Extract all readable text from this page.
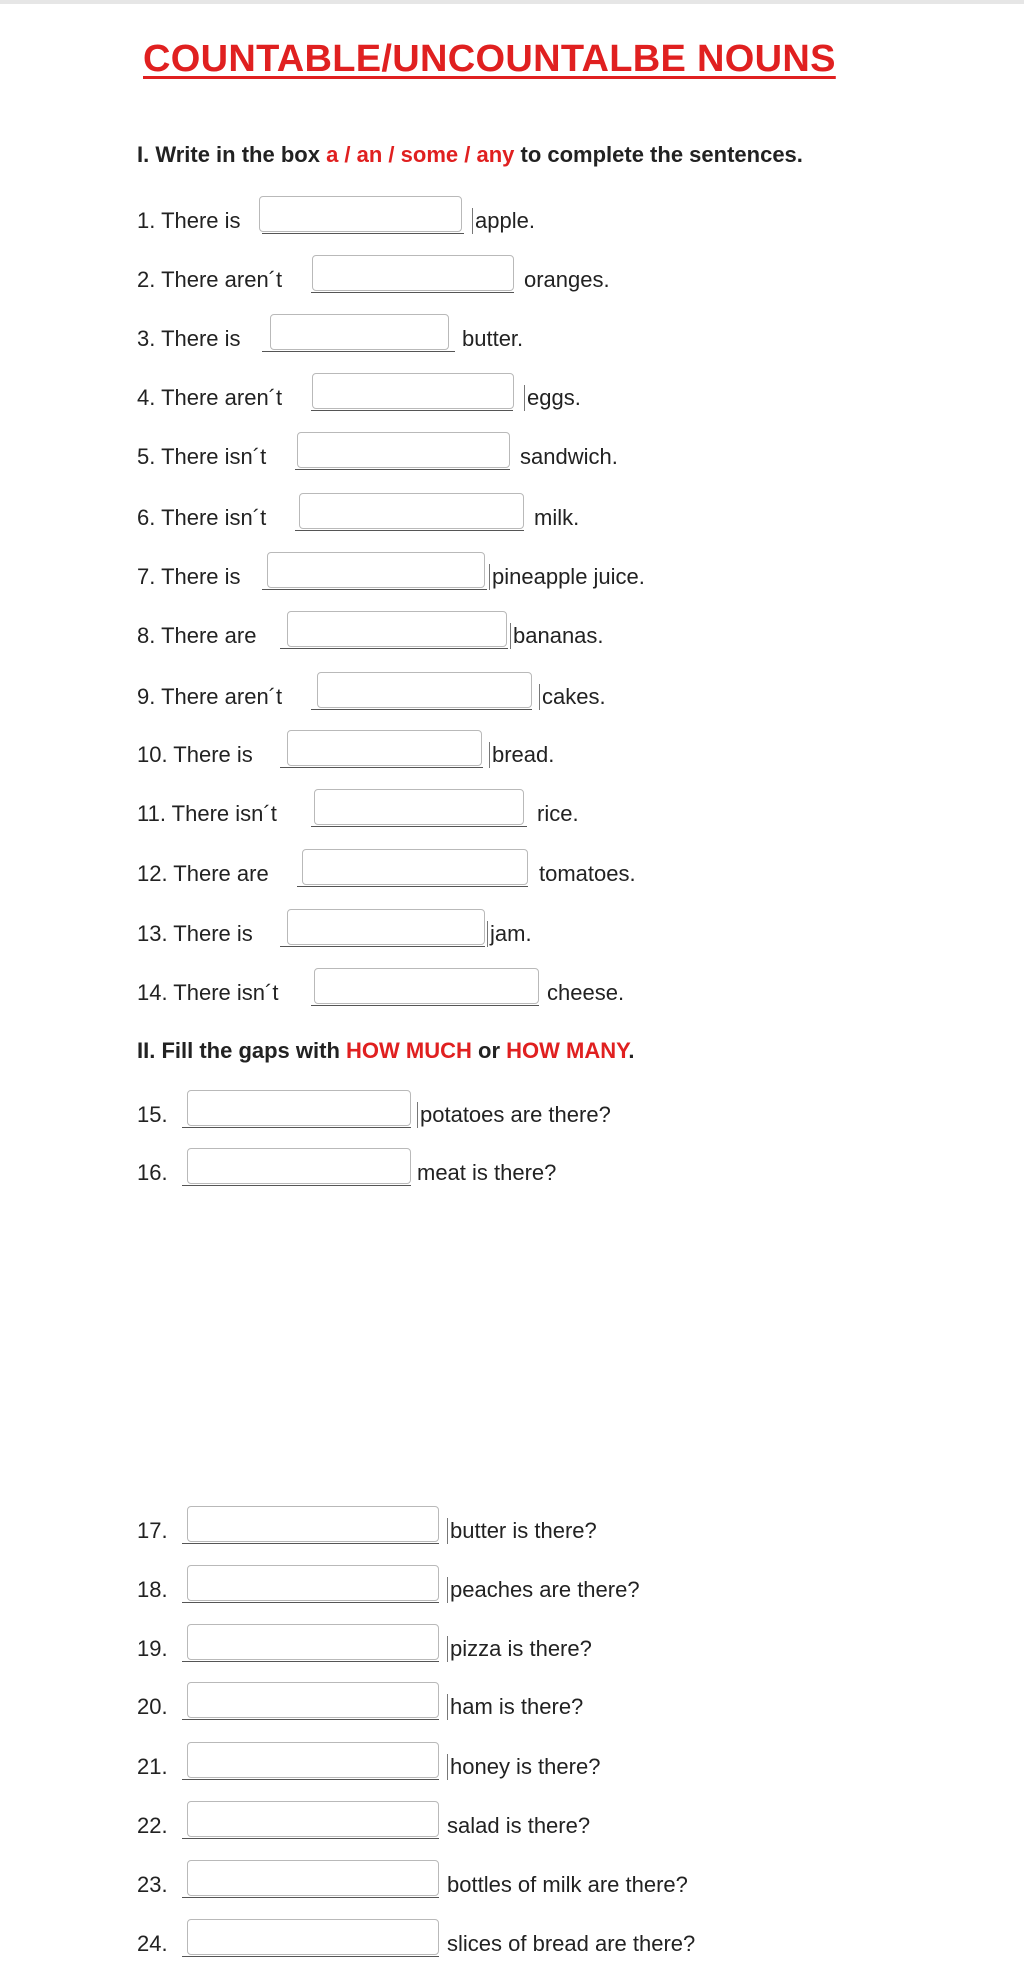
COUNTABLE/UNCOUNTALBE NOUNS
I. Write in the box a / an / some / any to complete the sentences.
II. Fill the gaps with HOW MUCH or HOW MANY.
1. There is	apple.
2. There aren´t	oranges.
3. There is	butter.
4. There aren´t	eggs.
5. There isn´t	sandwich.
6. There isn´t	milk.
7. There is	pineapple juice.
8. There are	bananas.
9. There aren´t	cakes.
10. There is	bread.
11. There isn´t	rice.
12. There are	tomatoes.
13. There is	jam.
14. There isn´t	cheese.
15.	potatoes are there?
16.	meat is there?
17.	butter is there?
18.	peaches are there?
19.	pizza is there?
20.	ham is there?
21.	honey is there?
22.	salad is there?
23.	bottles of milk are there?
24.	slices of bread are there?
